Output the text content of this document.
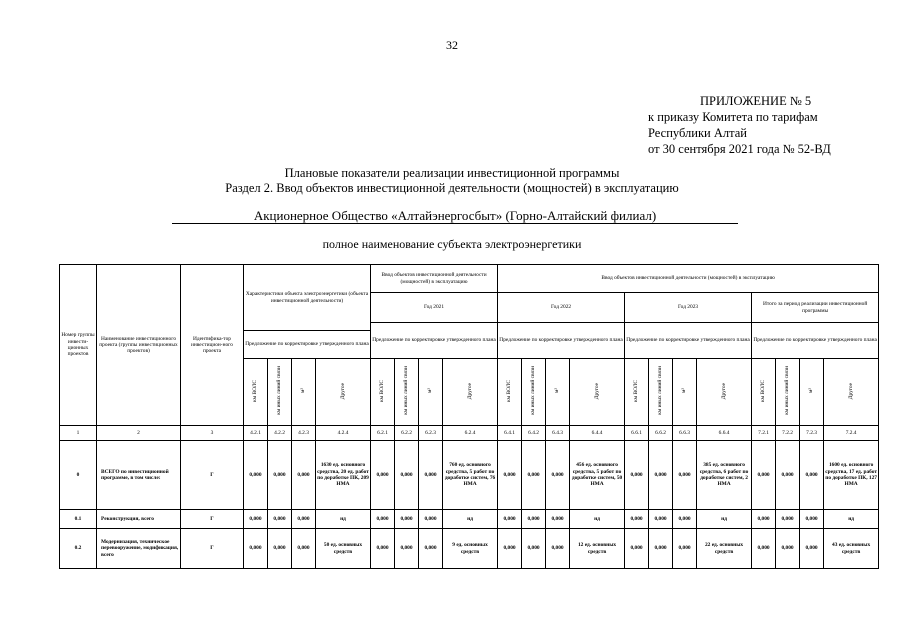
32
ПРИЛОЖЕНИЕ № 5
к приказу Комитета по тарифам
Республики Алтай
от 30 сентября 2021 года № 52-ВД
Плановые показатели реализации инвестиционной программы
Раздел 2. Ввод объектов инвестиционной деятельности (мощностей) в эксплуатацию
Акционерное Общество «Алтайэнергосбыт» (Горно-Алтайский филиал)
полное наименование субъекта электроэнергетики
Номер группы инвести-ционных проектов	Наименование инвестиционного проекта (группы инвестиционных проектов)	Идентифика-тор инвестицион-ного проекта	Характеристики объекта электроэнергетики (объекта инвестиционной деятельности)				Ввод объектов инвестиционной деятельности (мощностей) в эксплуатацию				Ввод объектов инвестиционной деятельности (мощностей) в эксплуатацию											
							Год 2021				Год 2022				Год 2023				Итого за период реализации инвестиционной программы			
							Предложение по корректировке утвержденного плана				Предложение по корректировке утвержденного плана				Предложение по корректировке утвержденного плана				Предложение по корректировке утвержденного плана			
			Предложение по корректировке утвержденного плана																			
			км ВОЛС	км иных линий связи	м²	Другое	км ВОЛС	км иных линий связи	м²	Другое	км ВОЛС	км иных линий связи	м²	Другое	км ВОЛС	км иных линий связи	м²	Другое	км ВОЛС	км иных линий связи	м²	Другое
1	2	3	4.2.1	4.2.2	4.2.3	4.2.4	6.2.1	6.2.2	6.2.3	6.2.4	6.4.1	6.4.2	6.4.3	6.4.4	6.6.1	6.6.2	6.6.3	6.6.4	7.2.1	7.2.2	7.2.3	7.2.4
0	ВСЕГО по инвестиционной программе, в том числе:	Г	0,000	0,000	0,000	1630 ед. основного средства, 20 ед. работ по доработке ПК, 209 НМА	0,000	0,000	0,000	760 ед. основного средства, 5 работ по доработке систем, 76 НМА	0,000	0,000	0,000	456 ед. основного средства, 5 работ по доработке систем, 50 НМА	0,000	0,000	0,000	385 ед. основного средства, 6 работ по доработке систем, 2 НМА	0,000	0,000	0,000	1600 ед. основного средства, 17 ед. работ по доработке ПК, 127 НМА
0.1	Реконструкция, всего	Г	0,000	0,000	0,000	нд	0,000	0,000	0,000	нд	0,000	0,000	0,000	нд	0,000	0,000	0,000	нд	0,000	0,000	0,000	нд
0.2	Модернизация, техническое перевооружение, модификация, всего	Г	0,000	0,000	0,000	50 ед. основных средств	0,000	0,000	0,000	9 ед. основных средств	0,000	0,000	0,000	12 ед. основных средств	0,000	0,000	0,000	22 ед. основных средств	0,000	0,000	0,000	43 ед. основных средств
